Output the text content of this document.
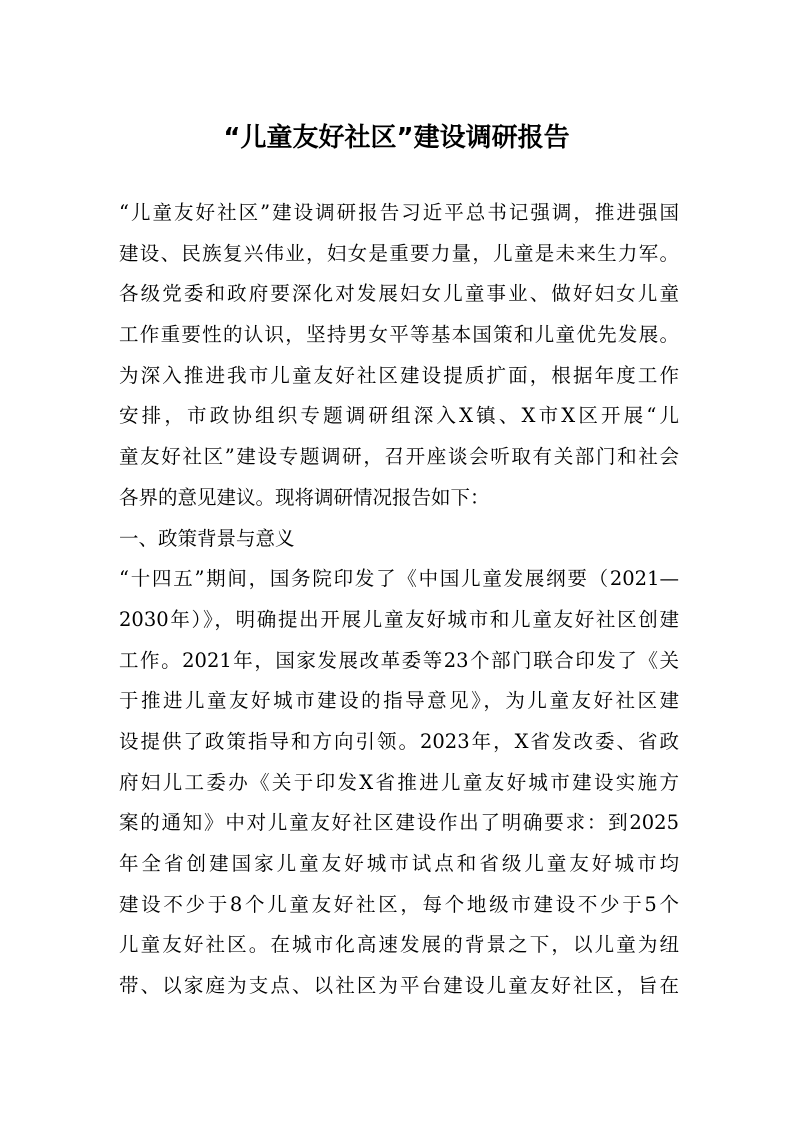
“儿童友好社区”建设调研报告
“儿童友好社区”建设调研报告习近平总书记强调，推进强国
建设、民族复兴伟业，妇女是重要力量，儿童是未来生力军。
各级党委和政府要深化对发展妇女儿童事业、做好妇女儿童
工作重要性的认识，坚持男女平等基本国策和儿童优先发展。
为深入推进我市儿童友好社区建设提质扩面，根据年度工作
安排，市政协组织专题调研组深入X镇、X市X区开展“儿
童友好社区”建设专题调研，召开座谈会听取有关部门和社会
各界的意见建议。现将调研情况报告如下：
一、政策背景与意义
“十四五”期间，国务院印发了《中国儿童发展纲要（2021—
2030年）》，明确提出开展儿童友好城市和儿童友好社区创建
工作。2021年，国家发展改革委等23个部门联合印发了《关
于推进儿童友好城市建设的指导意见》，为儿童友好社区建
设提供了政策指导和方向引领。2023年，X省发改委、省政
府妇儿工委办《关于印发X省推进儿童友好城市建设实施方
案的通知》中对儿童友好社区建设作出了明确要求：到2025
年全省创建国家儿童友好城市试点和省级儿童友好城市均
建设不少于8个儿童友好社区，每个地级市建设不少于5个
儿童友好社区。在城市化高速发展的背景之下，以儿童为纽
带、以家庭为支点、以社区为平台建设儿童友好社区，旨在
